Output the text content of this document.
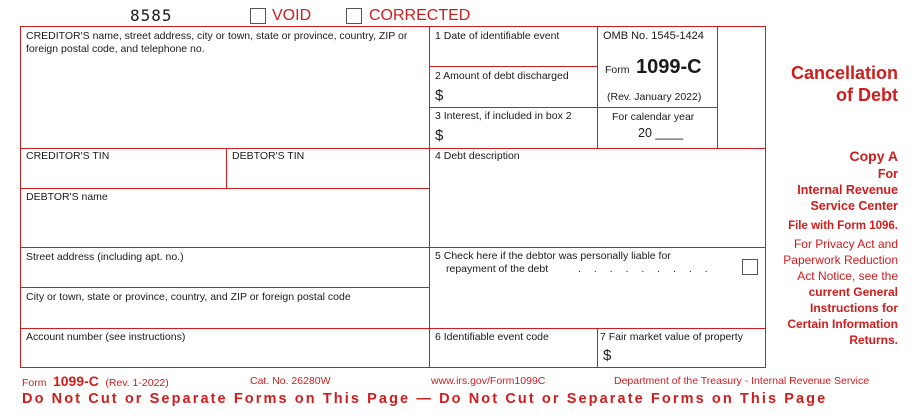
8585	VOID	CORRECTED
CREDITOR'S name, street address, city or town, state or province, country, ZIP or foreign postal code, and telephone no.
1 Date of identifiable event
2 Amount of debt discharged
$
3 Interest, if included in box 2
$
OMB No. 1545-1424
Form 1099-C
(Rev. January 2022)
For calendar year
20 ____
Cancellation
of Debt
CREDITOR'S TIN	DEBTOR'S TIN	4 Debt description
DEBTOR'S name
Street address (including apt. no.)	5 Check here if the debtor was personally liable for
repayment of the debt	. . . . . . . . .
City or town, state or province, country, and ZIP or foreign postal code
Account number (see instructions)	6 Identifiable event code	7 Fair market value of property
$
Copy A
For
Internal Revenue
Service Center
File with Form 1096.
For Privacy Act and
Paperwork Reduction
Act Notice, see the
current General
Instructions for
Certain Information
Returns.
Form 1099-C (Rev. 1-2022)	Cat. No. 26280W	www.irs.gov/Form1099C	Department of the Treasury - Internal Revenue Service
Do Not Cut or Separate Forms on This Page — Do Not Cut or Separate Forms on This Page
